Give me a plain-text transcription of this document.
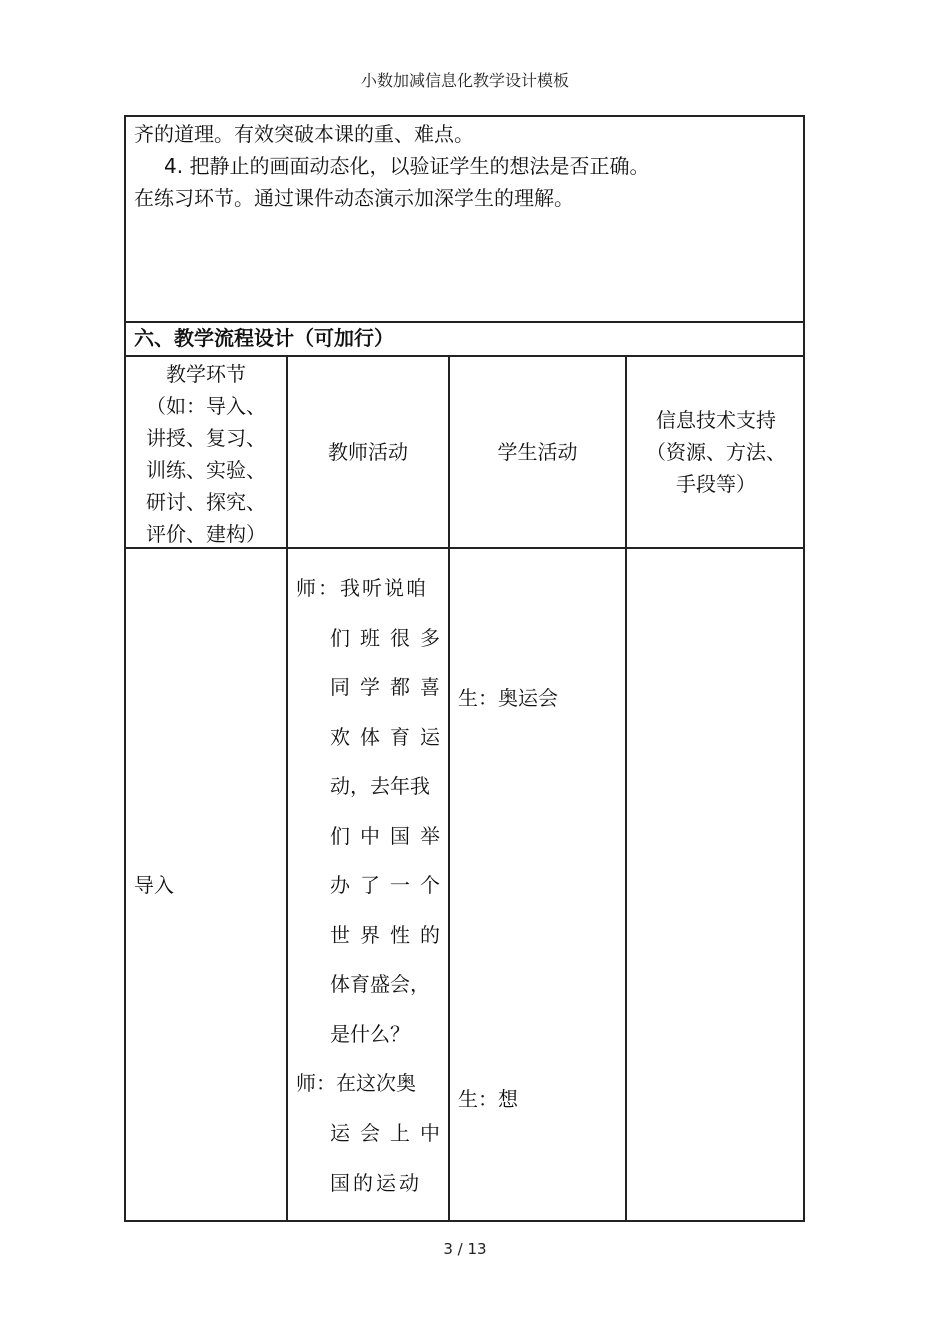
小数加减信息化教学设计模板
齐的道理。有效突破本课的重、难点。
4. 把静止的画面动态化，以验证学生的想法是否正确。
在练习环节。通过课件动态演示加深学生的理解。
六、教学流程设计（可加行）
教学环节
（如：导入、
讲授、复习、
训练、实验、
研讨、探究、
评价、建构）
教师活动	学生活动
信息技术支持
（资源、方法、
手段等）
导入
师：我听说咱
们班很多
同学都喜
欢体育运
动，去年我
们中国举
办了一个
世界性的
体育盛会，
是什么？
师：在这次奥
运会上中
国的运动
生：奥运会
生：想
3 / 13
